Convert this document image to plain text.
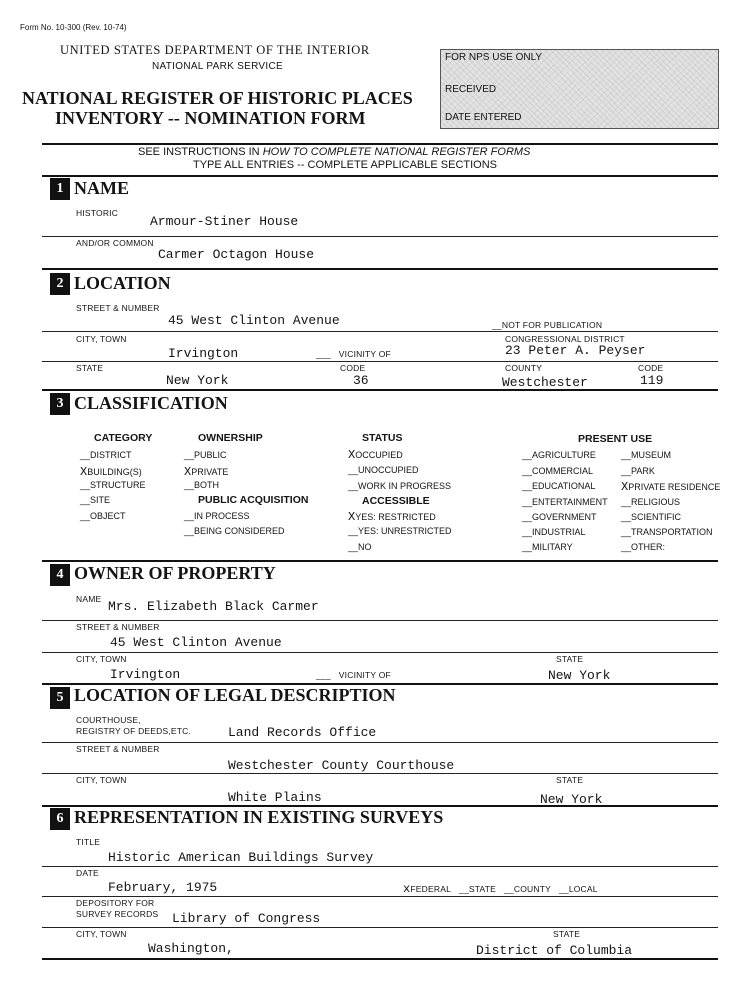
Form No. 10-300 (Rev. 10-74)
UNITED STATES DEPARTMENT OF THE INTERIOR
NATIONAL PARK SERVICE
NATIONAL REGISTER OF HISTORIC PLACES
INVENTORY -- NOMINATION FORM
FOR NPS USE ONLY
RECEIVED
DATE ENTERED
SEE INSTRUCTIONS IN HOW TO COMPLETE NATIONAL REGISTER FORMS
TYPE ALL ENTRIES -- COMPLETE APPLICABLE SECTIONS
1 NAME
HISTORIC
Armour-Stiner House
AND/OR COMMON
Carmer Octagon House
2 LOCATION
STREET & NUMBER
45 West Clinton Avenue	__NOT FOR PUBLICATION
CITY, TOWN	CONGRESSIONAL DISTRICT
Irvington	___ VICINITY OF	23 Peter A. Peyser
STATE	CODE	COUNTY	CODE
New York	36	Westchester	119
3 CLASSIFICATION
CATEGORY
__DISTRICT
XBUILDING(S)
__STRUCTURE
__SITE
__OBJECT
OWNERSHIP
__PUBLIC
XPRIVATE
__BOTH
PUBLIC ACQUISITION
__IN PROCESS
__BEING CONSIDERED
STATUS
XOCCUPIED
__UNOCCUPIED
__WORK IN PROGRESS
ACCESSIBLE
XYES: RESTRICTED
__YES: UNRESTRICTED
__NO
PRESENT USE
__AGRICULTURE
__COMMERCIAL
__EDUCATIONAL
__ENTERTAINMENT
__GOVERNMENT
__INDUSTRIAL
__MILITARY
__MUSEUM
__PARK
XPRIVATE RESIDENCE
__RELIGIOUS
__SCIENTIFIC
__TRANSPORTATION
__OTHER:
4 OWNER OF PROPERTY
NAME Mrs. Elizabeth Black Carmer
STREET & NUMBER
45 West Clinton Avenue
CITY, TOWN	STATE
Irvington	___ VICINITY OF	New York
5 LOCATION OF LEGAL DESCRIPTION
COURTHOUSE,
REGISTRY OF DEEDS,ETC.	Land Records Office
STREET & NUMBER
Westchester County Courthouse
CITY, TOWN	STATE
White Plains	New York
6 REPRESENTATION IN EXISTING SURVEYS
TITLE
Historic American Buildings Survey
DATE
February, 1975	xFEDERAL __STATE __COUNTY __LOCAL
DEPOSITORY FOR
SURVEY RECORDS Library of Congress
CITY, TOWN	STATE
Washington,	District of Columbia
